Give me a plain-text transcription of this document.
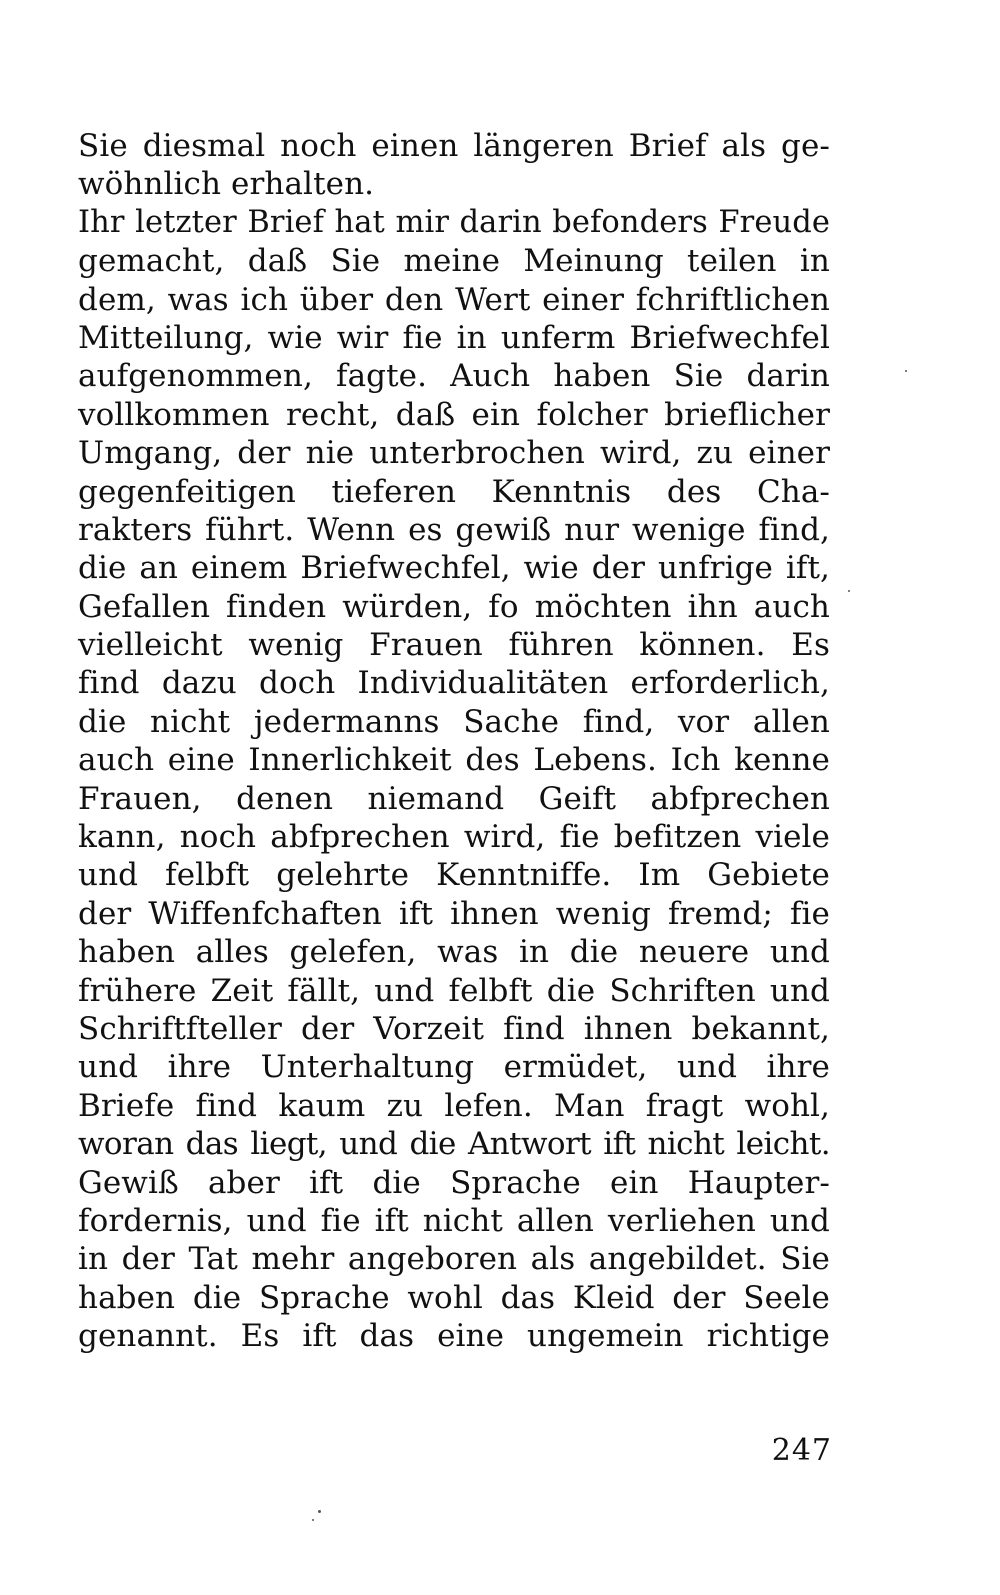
Sie diesmal noch einen längeren Brief als ge-
wöhnlich erhalten.
Ihr letzter Brief hat mir darin befonders Freude
gemacht, daß Sie meine Meinung teilen in
dem, was ich über den Wert einer fchriftlichen
Mitteilung, wie wir fie in unferm Briefwechfel
aufgenommen, fagte. Auch haben Sie darin
vollkommen recht, daß ein folcher brieflicher
Umgang, der nie unterbrochen wird, zu einer
gegenfeitigen tieferen Kenntnis des Cha-
rakters führt. Wenn es gewiß nur wenige find,
die an einem Briefwechfel, wie der unfrige ift,
Gefallen finden würden, fo möchten ihn auch
vielleicht wenig Frauen führen können. Es
find dazu doch Individualitäten erforderlich,
die nicht jedermanns Sache find, vor allen
auch eine Innerlichkeit des Lebens. Ich kenne
Frauen, denen niemand Geift abfprechen
kann, noch abfprechen wird, fie befitzen viele
und felbft gelehrte Kenntniffe. Im Gebiete
der Wiffenfchaften ift ihnen wenig fremd; fie
haben alles gelefen, was in die neuere und
frühere Zeit fällt, und felbft die Schriften und
Schriftfteller der Vorzeit find ihnen bekannt,
und ihre Unterhaltung ermüdet, und ihre
Briefe find kaum zu lefen. Man fragt wohl,
woran das liegt, und die Antwort ift nicht leicht.
Gewiß aber ift die Sprache ein Haupter-
fordernis, und fie ift nicht allen verliehen und
in der Tat mehr angeboren als angebildet. Sie
haben die Sprache wohl das Kleid der Seele
genannt. Es ift das eine ungemein richtige
247
